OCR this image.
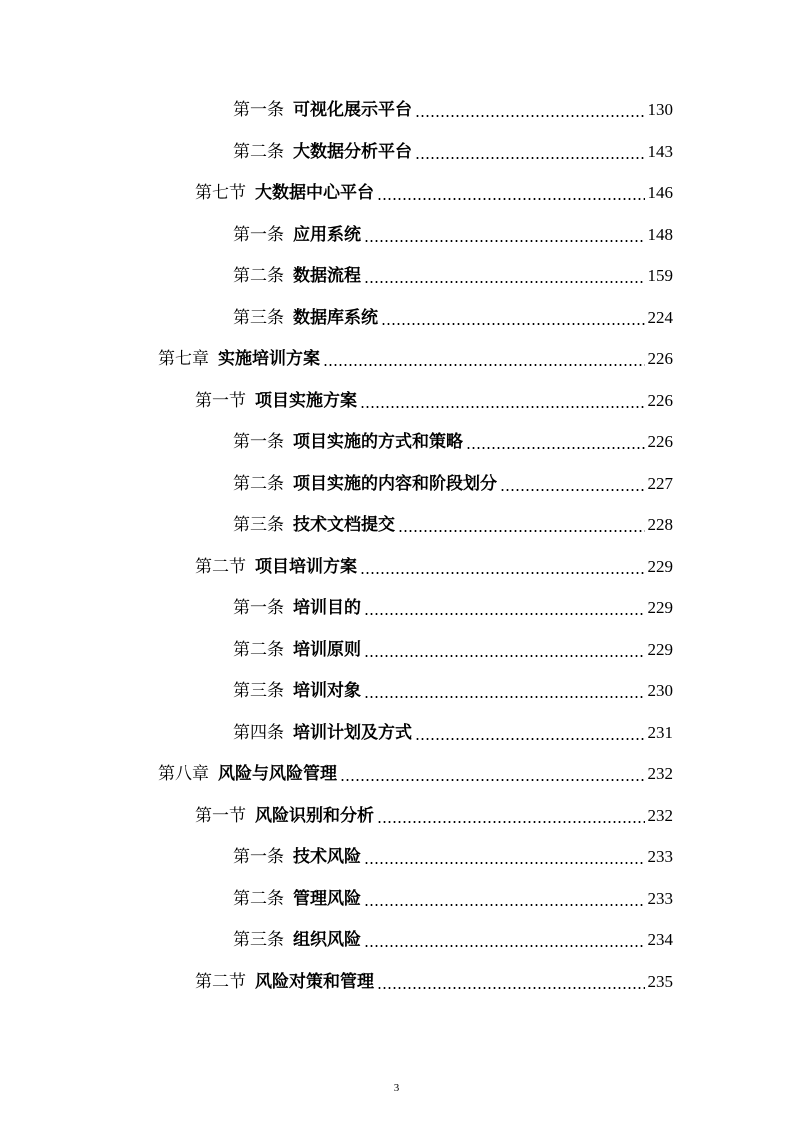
第一条 可视化展示平台	130
第二条 大数据分析平台	143
第七节 大数据中心平台	146
第一条 应用系统	148
第二条 数据流程	159
第三条 数据库系统	224
第七章 实施培训方案	226
第一节 项目实施方案	226
第一条 项目实施的方式和策略	226
第二条 项目实施的内容和阶段划分	227
第三条 技术文档提交	228
第二节 项目培训方案	229
第一条 培训目的	229
第二条 培训原则	229
第三条 培训对象	230
第四条 培训计划及方式	231
第八章 风险与风险管理	232
第一节 风险识别和分析	232
第一条 技术风险	233
第二条 管理风险	233
第三条 组织风险	234
第二节 风险对策和管理	235
3
